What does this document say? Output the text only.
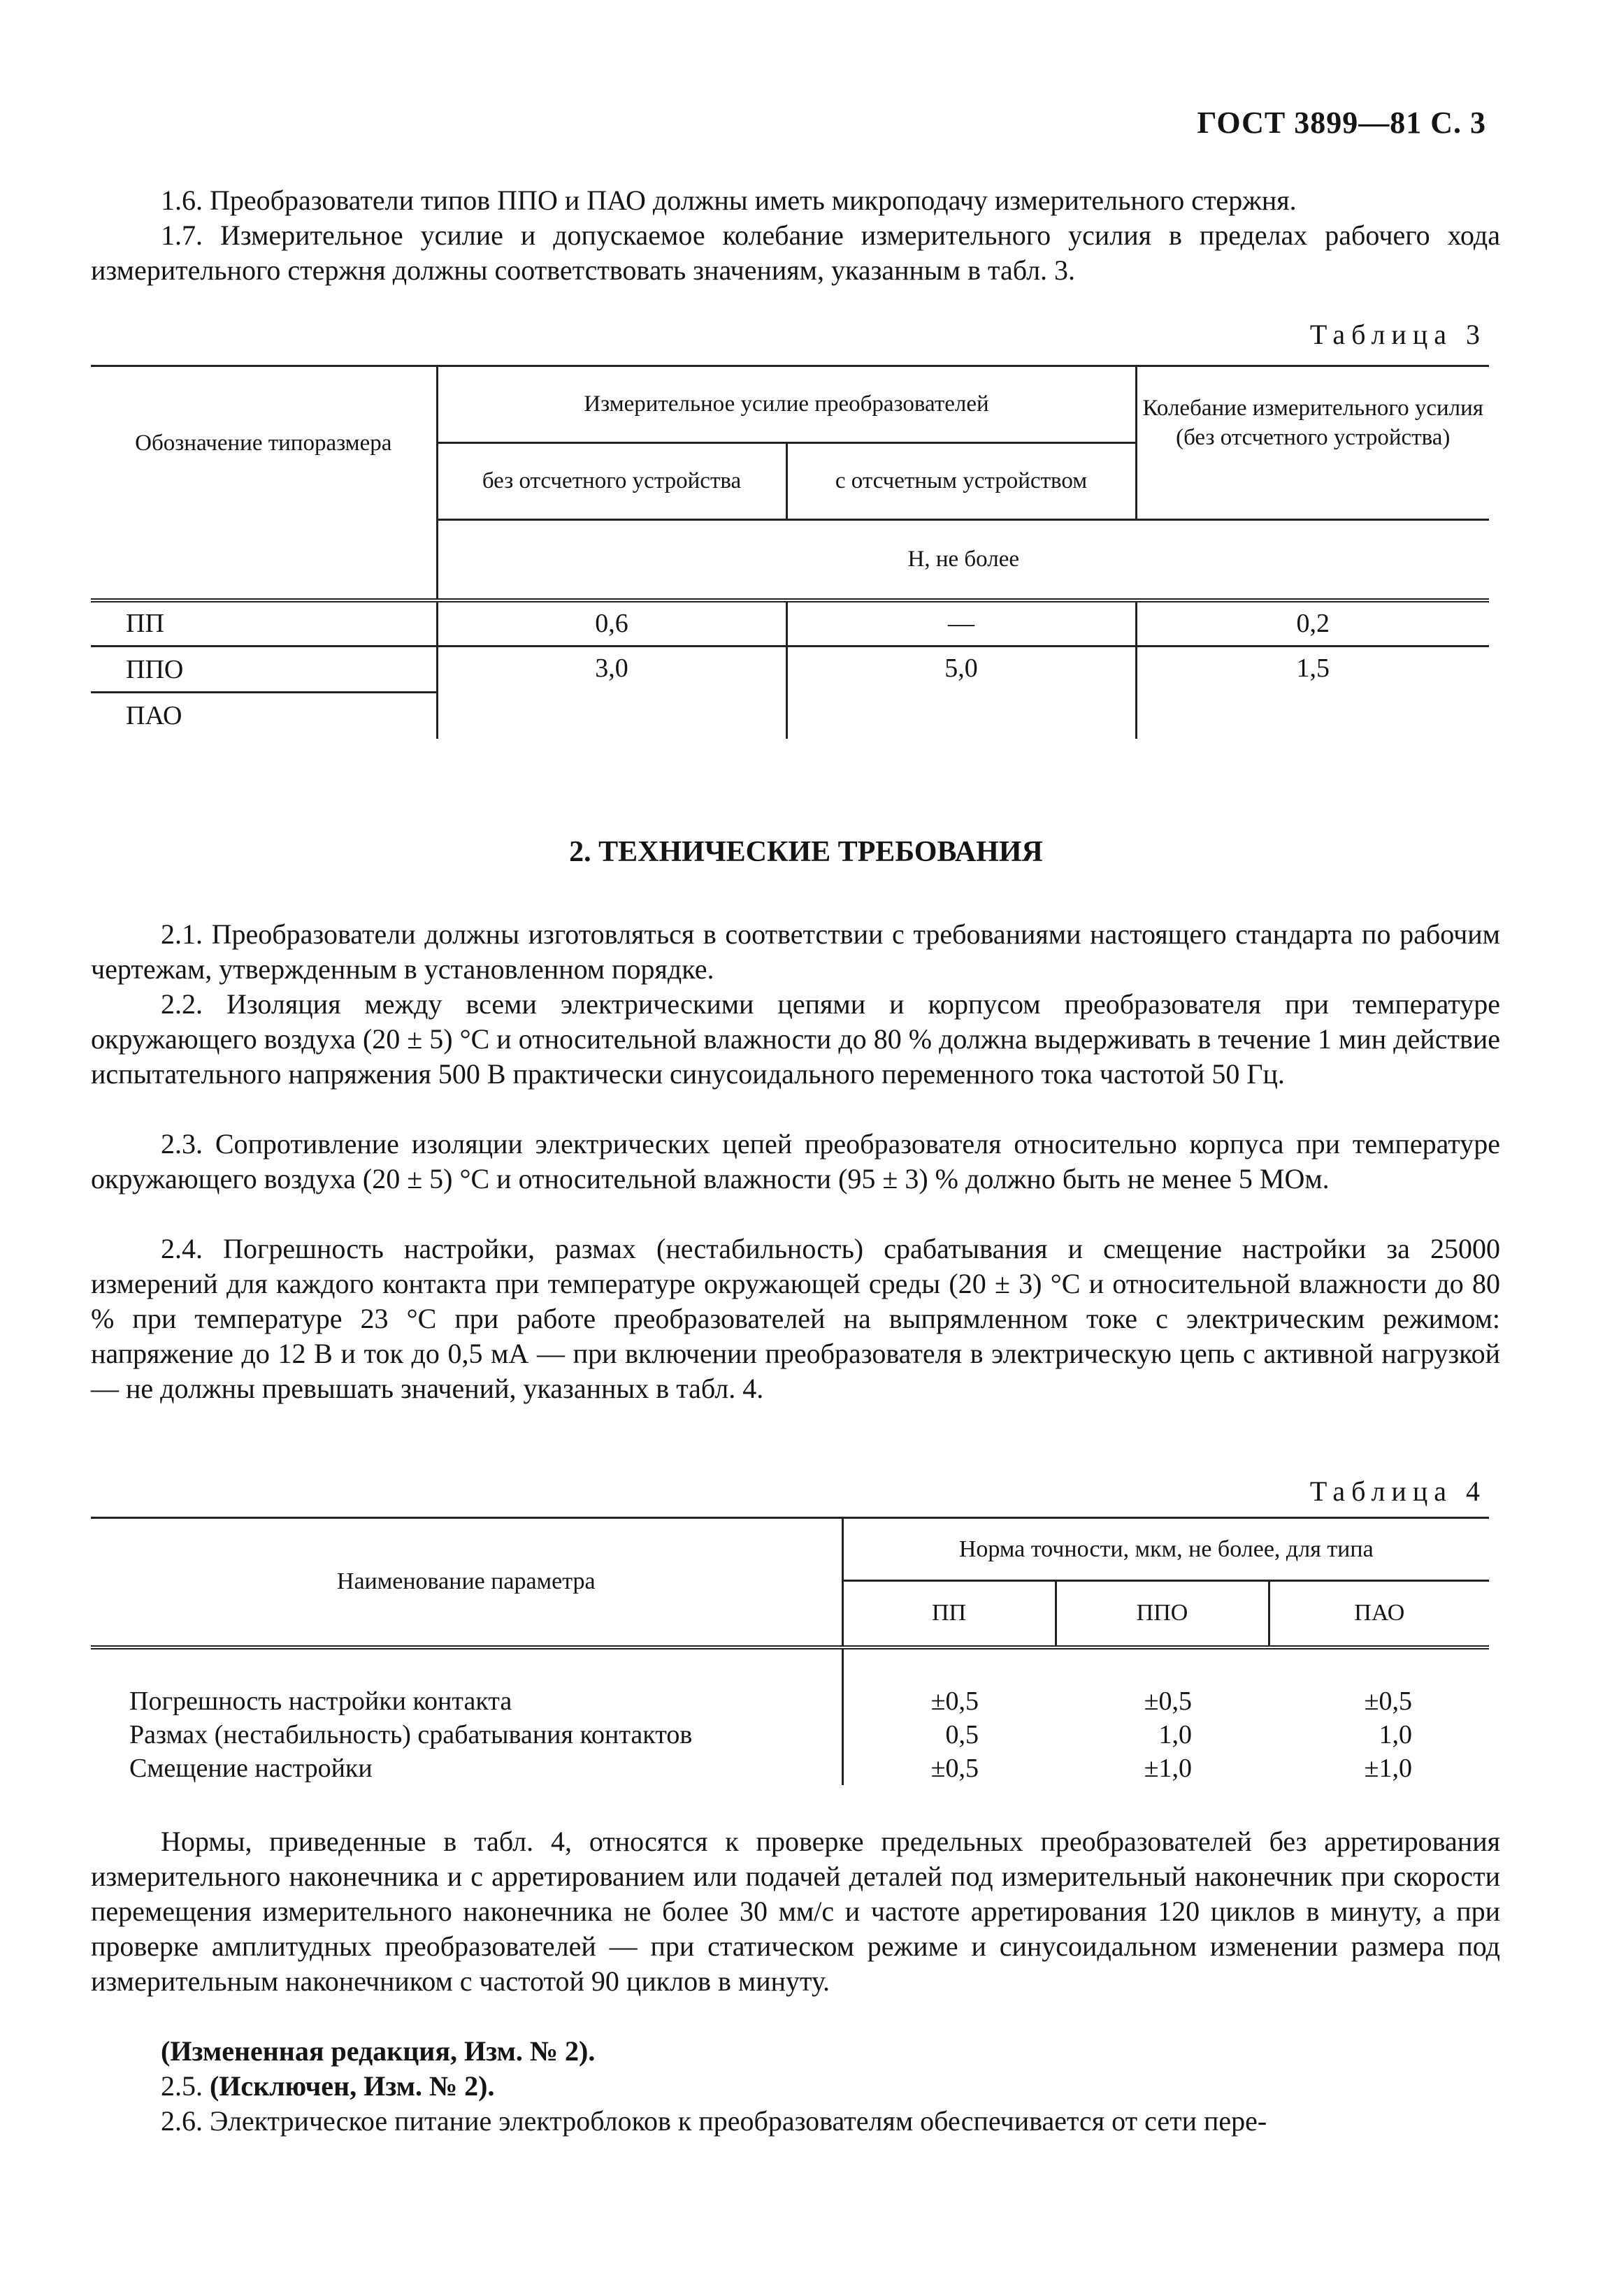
ГОСТ 3899—81 С. 3
1.6. Преобразователи типов ППО и ПАО должны иметь микроподачу измерительного стержня.
1.7. Измерительное усилие и допускаемое колебание измерительного усилия в пределах рабочего хода измерительного стержня должны соответствовать значениям, указанным в табл. 3.
Таблица 3
Обозначение типоразмера	Измерительное усилие преобразователей		Колебание измерительного усилия (без отсчетного устройства)
	без отсчетного устройства	с отсчетным устройством	
	Н, не более		
ПП	0,6	—	0,2
ППО	3,0	5,0	1,5
ПАО			
2. ТЕХНИЧЕСКИЕ ТРЕБОВАНИЯ
2.1. Преобразователи должны изготовляться в соответствии с требованиями настоящего стандарта по рабочим чертежам, утвержденным в установленном порядке.
2.2. Изоляция между всеми электрическими цепями и корпусом преобразователя при температуре окружающего воздуха (20 ± 5) °С и относительной влажности до 80 % должна выдерживать в течение 1 мин действие испытательного напряжения 500 В практически синусоидального переменного тока частотой 50 Гц.
2.3. Сопротивление изоляции электрических цепей преобразователя относительно корпуса при температуре окружающего воздуха (20 ± 5) °С и относительной влажности (95 ± 3) % должно быть не менее 5 МОм.
2.4. Погрешность настройки, размах (нестабильность) срабатывания и смещение настройки за 25000 измерений для каждого контакта при температуре окружающей среды (20 ± 3) °С и относительной влажности до 80 % при температуре 23 °С при работе преобразователей на выпрямленном токе с электрическим режимом: напряжение до 12 В и ток до 0,5 мА — при включении преобразователя в электрическую цепь с активной нагрузкой — не должны превышать значений, указанных в табл. 4.
Таблица 4
Наименование параметра	Норма точности, мкм, не более, для типа		
	ПП	ППО	ПАО
Погрешность настройки контакта	±0,5	±0,5	±0,5
Размах (нестабильность) срабатывания контактов	0,5	1,0	1,0
Смещение настройки	±0,5	±1,0	±1,0
Нормы, приведенные в табл. 4, относятся к проверке предельных преобразователей без арретирования измерительного наконечника и с арретированием или подачей деталей под измерительный наконечник при скорости перемещения измерительного наконечника не более 30 мм/с и частоте арретирования 120 циклов в минуту, а при проверке амплитудных преобразователей — при статическом режиме и синусоидальном изменении размера под измерительным наконечником с частотой 90 циклов в минуту.
(Измененная редакция, Изм. № 2).
2.5. (Исключен, Изм. № 2).
2.6. Электрическое питание электроблоков к преобразователям обеспечивается от сети пере-
